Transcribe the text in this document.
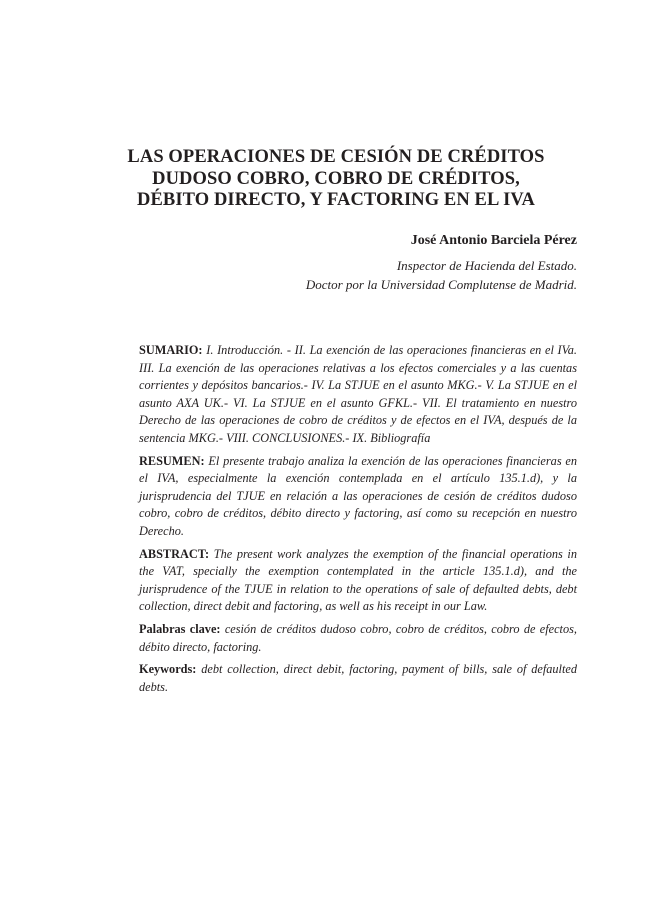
LAS OPERACIONES DE CESIÓN DE CRÉDITOS
DUDOSO COBRO, COBRO DE CRÉDITOS,
DÉBITO DIRECTO, Y FACTORING EN EL IVA
José Antonio Barciela Pérez
Inspector de Hacienda del Estado.
Doctor por la Universidad Complutense de Madrid.

SUMARIO: I. Introducción. - II. La exención de las operaciones financieras en el IVa. III. La exención de las operaciones relativas a los efectos comerciales y a las cuentas corrientes y depósitos bancarios.- IV. La STJUE en el asunto MKG.- V. La STJUE en el asunto AXA UK.- VI. La STJUE en el asunto GFKL.- VII. El tratamiento en nuestro Derecho de las operaciones de cobro de créditos y de efectos en el IVA, después de la sentencia MKG.- VIII. CONCLUSIONES.- IX. Bibliografía

RESUMEN: El presente trabajo analiza la exención de las operaciones financieras en el IVA, especialmente la exención contemplada en el artículo 135.1.d), y la jurisprudencia del TJUE en relación a las operaciones de cesión de créditos dudoso cobro, cobro de créditos, débito directo y factoring, así como su recepción en nuestro Derecho.

ABSTRACT: The present work analyzes the exemption of the financial operations in the VAT, specially the exemption contemplated in the article 135.1.d), and the jurisprudence of the TJUE in relation to the operations of sale of defaulted debts, debt collection, direct debit and factoring, as well as his receipt in our Law.

Palabras clave: cesión de créditos dudoso cobro, cobro de créditos, cobro de efectos, débito directo, factoring.

Keywords: debt collection, direct debit, factoring, payment of bills, sale of defaulted debts.
